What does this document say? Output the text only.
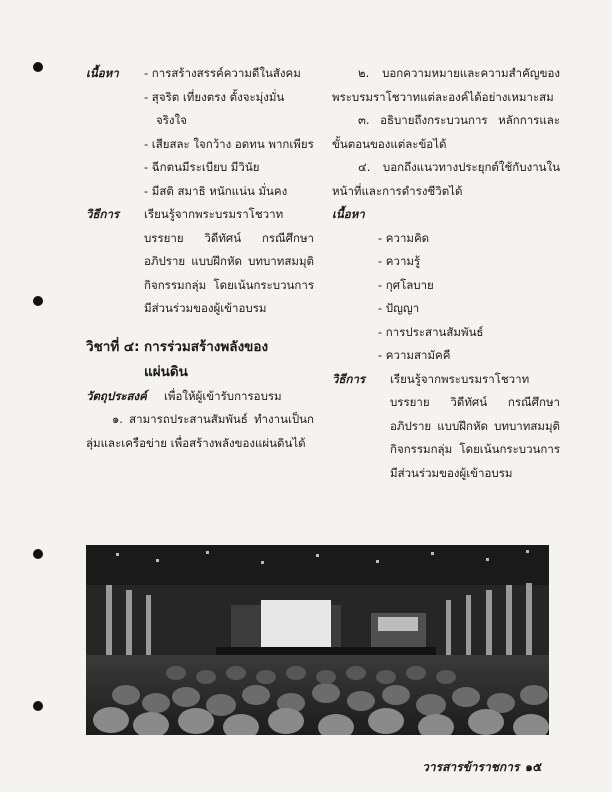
เนื้อหา	- การสร้างสรรค์ความดีในสังคม
- สุจริต เที่ยงตรง ตั้งจะมุ่งมั่น
จริงใจ
- เสียสละ ใจกว้าง อดทน พากเพียร
- ฉีกตนมีระเบียบ มีวินัย
- มีสติ สมาธิ หนักแน่น มั่นคง
วิธีการ	เรียนรู้จากพระบรมราโชวาท บรรยาย วิดีทัศน์ กรณีศึกษา อภิปราย แบบฝึกหัด บทบาทสมมุติ กิจกรรมกลุ่ม โดยเน้นกระบวนการมีส่วนร่วมของผู้เข้าอบรม
วิชาที่ ๔: การร่วมสร้างพลังของ
แผ่นดิน
วัตถุประสงค์	เพื่อให้ผู้เข้ารับการอบรม
๑. สามารถประสานสัมพันธ์ ทำงานเป็นกลุ่มและเครือข่าย เพื่อสร้างพลังของแผ่นดินได้
๒. บอกความหมายและความสำคัญของพระบรมราโชวาทแต่ละองค์ได้อย่างเหมาะสม
๓. อธิบายถึงกระบวนการ หลักการและขั้นตอนของแต่ละข้อได้
๔. บอกถึงแนวทางประยุกต์ใช้กับงานในหน้าที่และการดำรงชีวิตได้
เนื้อหา
- ความคิด
- ความรู้
- กุศโลบาย
- ปัญญา
- การประสานสัมพันธ์
- ความสามัคคี
วิธีการ	เรียนรู้จากพระบรมราโชวาท บรรยาย วิดีทัศน์ กรณีศึกษา อภิปราย แบบฝึกหัด บทบาทสมมุติ กิจกรรมกลุ่ม โดยเน้นกระบวนการมีส่วนร่วมของผู้เข้าอบรม
วารสารข้าราชการ ๑๕
